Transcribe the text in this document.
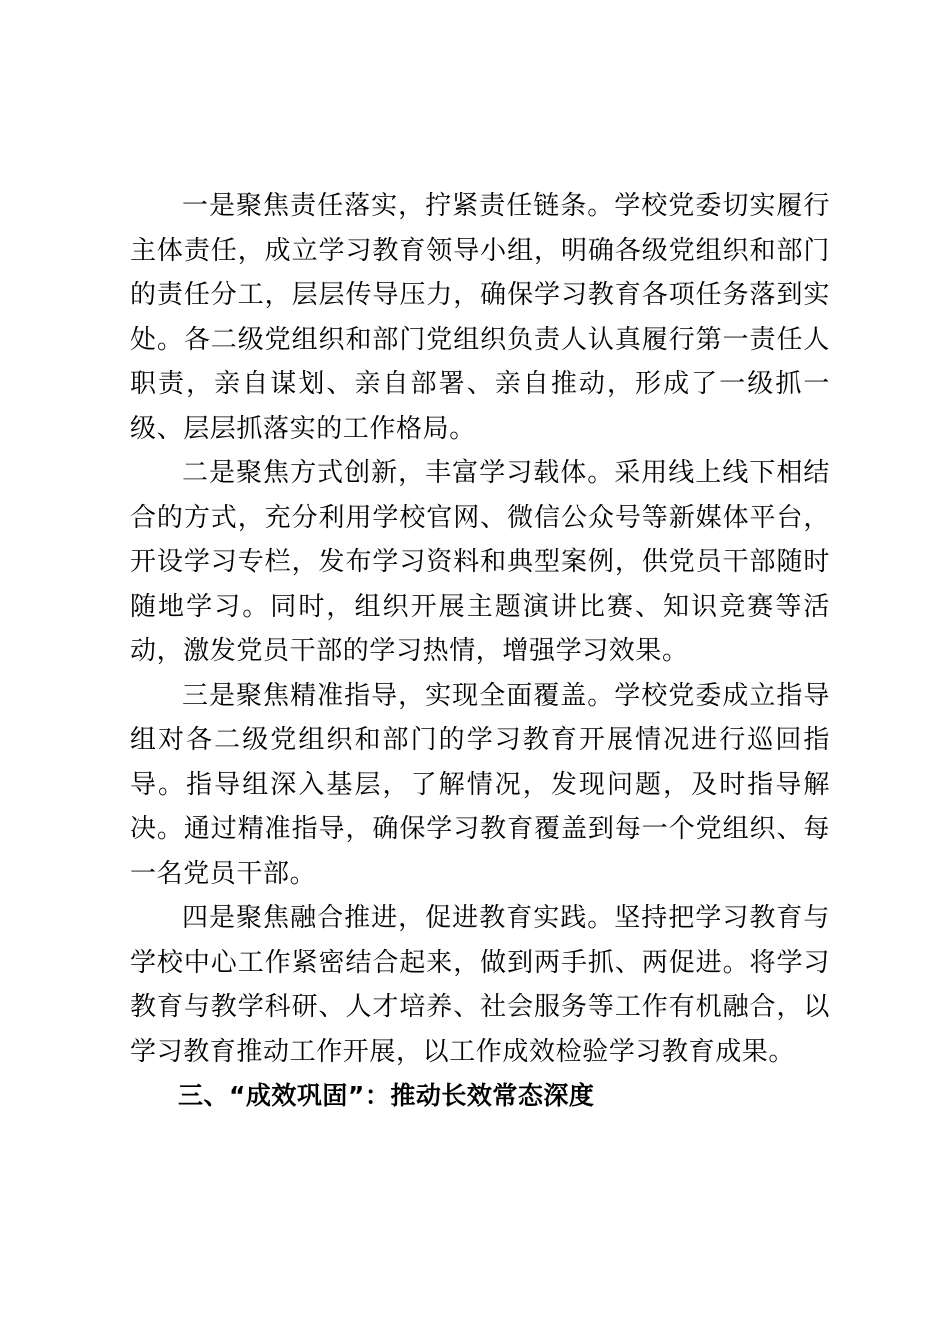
一是聚焦责任落实，拧紧责任链条。学校党委切实履行主体责任，成立学习教育领导小组，明确各级党组织和部门的责任分工，层层传导压力，确保学习教育各项任务落到实处。各二级党组织和部门党组织负责人认真履行第一责任人职责，亲自谋划、亲自部署、亲自推动，形成了一级抓一级、层层抓落实的工作格局。

二是聚焦方式创新，丰富学习载体。采用线上线下相结合的方式，充分利用学校官网、微信公众号等新媒体平台，开设学习专栏，发布学习资料和典型案例，供党员干部随时随地学习。同时，组织开展主题演讲比赛、知识竞赛等活动，激发党员干部的学习热情，增强学习效果。

三是聚焦精准指导，实现全面覆盖。学校党委成立指导组对各二级党组织和部门的学习教育开展情况进行巡回指导。指导组深入基层，了解情况，发现问题，及时指导解决。通过精准指导，确保学习教育覆盖到每一个党组织、每一名党员干部。

四是聚焦融合推进，促进教育实践。坚持把学习教育与学校中心工作紧密结合起来，做到两手抓、两促进。将学习教育与教学科研、人才培养、社会服务等工作有机融合，以学习教育推动工作开展，以工作成效检验学习教育成果。

三、“成效巩固”：推动长效常态深度
